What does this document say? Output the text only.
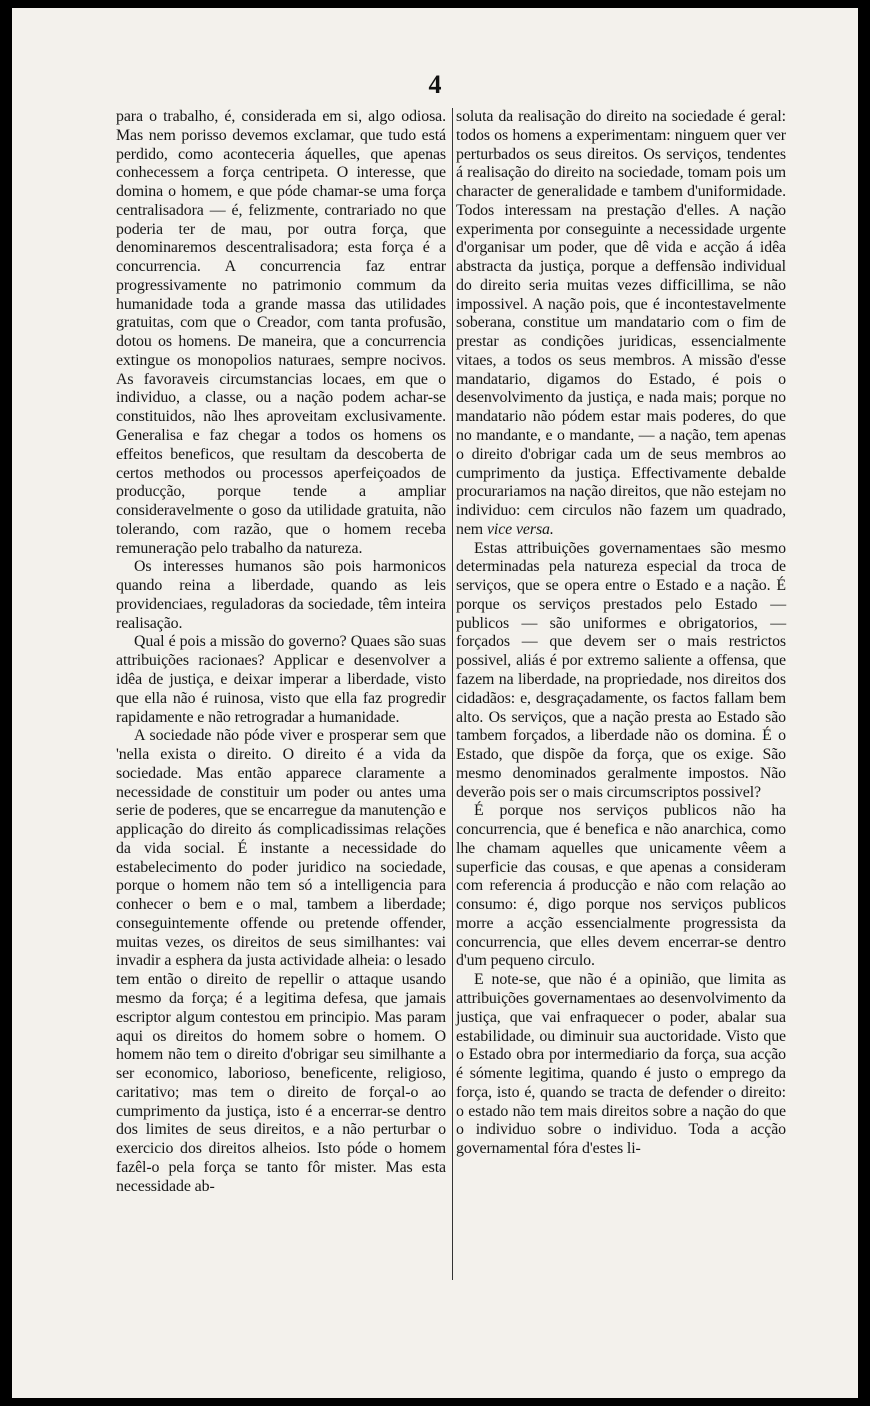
4

para o trabalho, é, considerada em si, algo odiosa. Mas nem porisso devemos exclamar, que tudo está perdido, como aconteceria áquelles, que apenas conhecessem a força centripeta. O interesse, que domina o homem, e que póde chamar-se uma força centralisadora — é, felizmente, contrariado no que poderia ter de mau, por outra força, que denominaremos descentralisadora; esta força é a concurrencia. A concurrencia faz entrar progressivamente no patrimonio commum da humanidade toda a grande massa das utilidades gratuitas, com que o Creador, com tanta profusão, dotou os homens. De maneira, que a concurrencia extingue os monopolios naturaes, sempre nocivos. As favoraveis circumstancias locaes, em que o individuo, a classe, ou a nação podem achar-se constituidos, não lhes aproveitam exclusivamente. Generalisa e faz chegar a todos os homens os effeitos beneficos, que resultam da descoberta de certos methodos ou processos aperfeiçoados de producção, porque tende a ampliar consideravelmente o goso da utilidade gratuita, não tolerando, com razão, que o homem receba remuneração pelo trabalho da natureza.

Os interesses humanos são pois harmonicos quando reina a liberdade, quando as leis providenciaes, reguladoras da sociedade, têm inteira realisação.

Qual é pois a missão do governo? Quaes são suas attribuições racionaes? Applicar e desenvolver a idêa de justiça, e deixar imperar a liberdade, visto que ella não é ruinosa, visto que ella faz progredir rapidamente e não retrogradar a humanidade.

A sociedade não póde viver e prosperar sem que 'nella exista o direito. O direito é a vida da sociedade. Mas então apparece claramente a necessidade de constituir um poder ou antes uma serie de poderes, que se encarregue da manutenção e applicação do direito ás complicadissimas relações da vida social. É instante a necessidade do estabelecimento do poder juridico na sociedade, porque o homem não tem só a intelligencia para conhecer o bem e o mal, tambem a liberdade; conseguintemente offende ou pretende offender, muitas vezes, os direitos de seus similhantes: vai invadir a esphera da justa actividade alheia: o lesado tem então o direito de repellir o attaque usando mesmo da força; é a legitima defesa, que jamais escriptor algum contestou em principio. Mas param aqui os direitos do homem sobre o homem. O homem não tem o direito d'obrigar seu similhante a ser economico, laborioso, beneficente, religioso, caritativo; mas tem o direito de forçal-o ao cumprimento da justiça, isto é a encerrar-se dentro dos limites de seus direitos, e a não perturbar o exercicio dos direitos alheios. Isto póde o homem fazêl-o pela força se tanto fôr mister. Mas esta necessidade ab-

soluta da realisação do direito na sociedade é geral: todos os homens a experimentam: ninguem quer ver perturbados os seus direitos. Os serviços, tendentes á realisação do direito na sociedade, tomam pois um character de generalidade e tambem d'uniformidade. Todos interessam na prestação d'elles. A nação experimenta por conseguinte a necessidade urgente d'organisar um poder, que dê vida e acção á idêa abstracta da justiça, porque a deffensão individual do direito seria muitas vezes difficillima, se não impossivel. A nação pois, que é incontestavelmente soberana, constitue um mandatario com o fim de prestar as condições juridicas, essencialmente vitaes, a todos os seus membros. A missão d'esse mandatario, digamos do Estado, é pois o desenvolvimento da justiça, e nada mais; porque no mandatario não pódem estar mais poderes, do que no mandante, e o mandante, — a nação, tem apenas o direito d'obrigar cada um de seus membros ao cumprimento da justiça. Effectivamente debalde procurariamos na nação direitos, que não estejam no individuo: cem circulos não fazem um quadrado, nem vice versa.

Estas attribuições governamentaes são mesmo determinadas pela natureza especial da troca de serviços, que se opera entre o Estado e a nação. É porque os serviços prestados pelo Estado — publicos — são uniformes e obrigatorios, — forçados — que devem ser o mais restrictos possivel, aliás é por extremo saliente a offensa, que fazem na liberdade, na propriedade, nos direitos dos cidadãos: e, desgraçadamente, os factos fallam bem alto. Os serviços, que a nação presta ao Estado são tambem forçados, a liberdade não os domina. É o Estado, que dispõe da força, que os exige. São mesmo denominados geralmente impostos. Não deverão pois ser o mais circumscriptos possivel?

É porque nos serviços publicos não ha concurrencia, que é benefica e não anarchica, como lhe chamam aquelles que unicamente vêem a superficie das cousas, e que apenas a consideram com referencia á producção e não com relação ao consumo: é, digo porque nos serviços publicos morre a acção essencialmente progressista da concurrencia, que elles devem encerrar-se dentro d'um pequeno circulo.

E note-se, que não é a opinião, que limita as attribuições governamentaes ao desenvolvimento da justiça, que vai enfraquecer o poder, abalar sua estabilidade, ou diminuir sua auctoridade. Visto que o Estado obra por intermediario da força, sua acção é sómente legitima, quando é justo o emprego da força, isto é, quando se tracta de defender o direito: o estado não tem mais direitos sobre a nação do que o individuo sobre o individuo. Toda a acção governamental fóra d'estes li-
